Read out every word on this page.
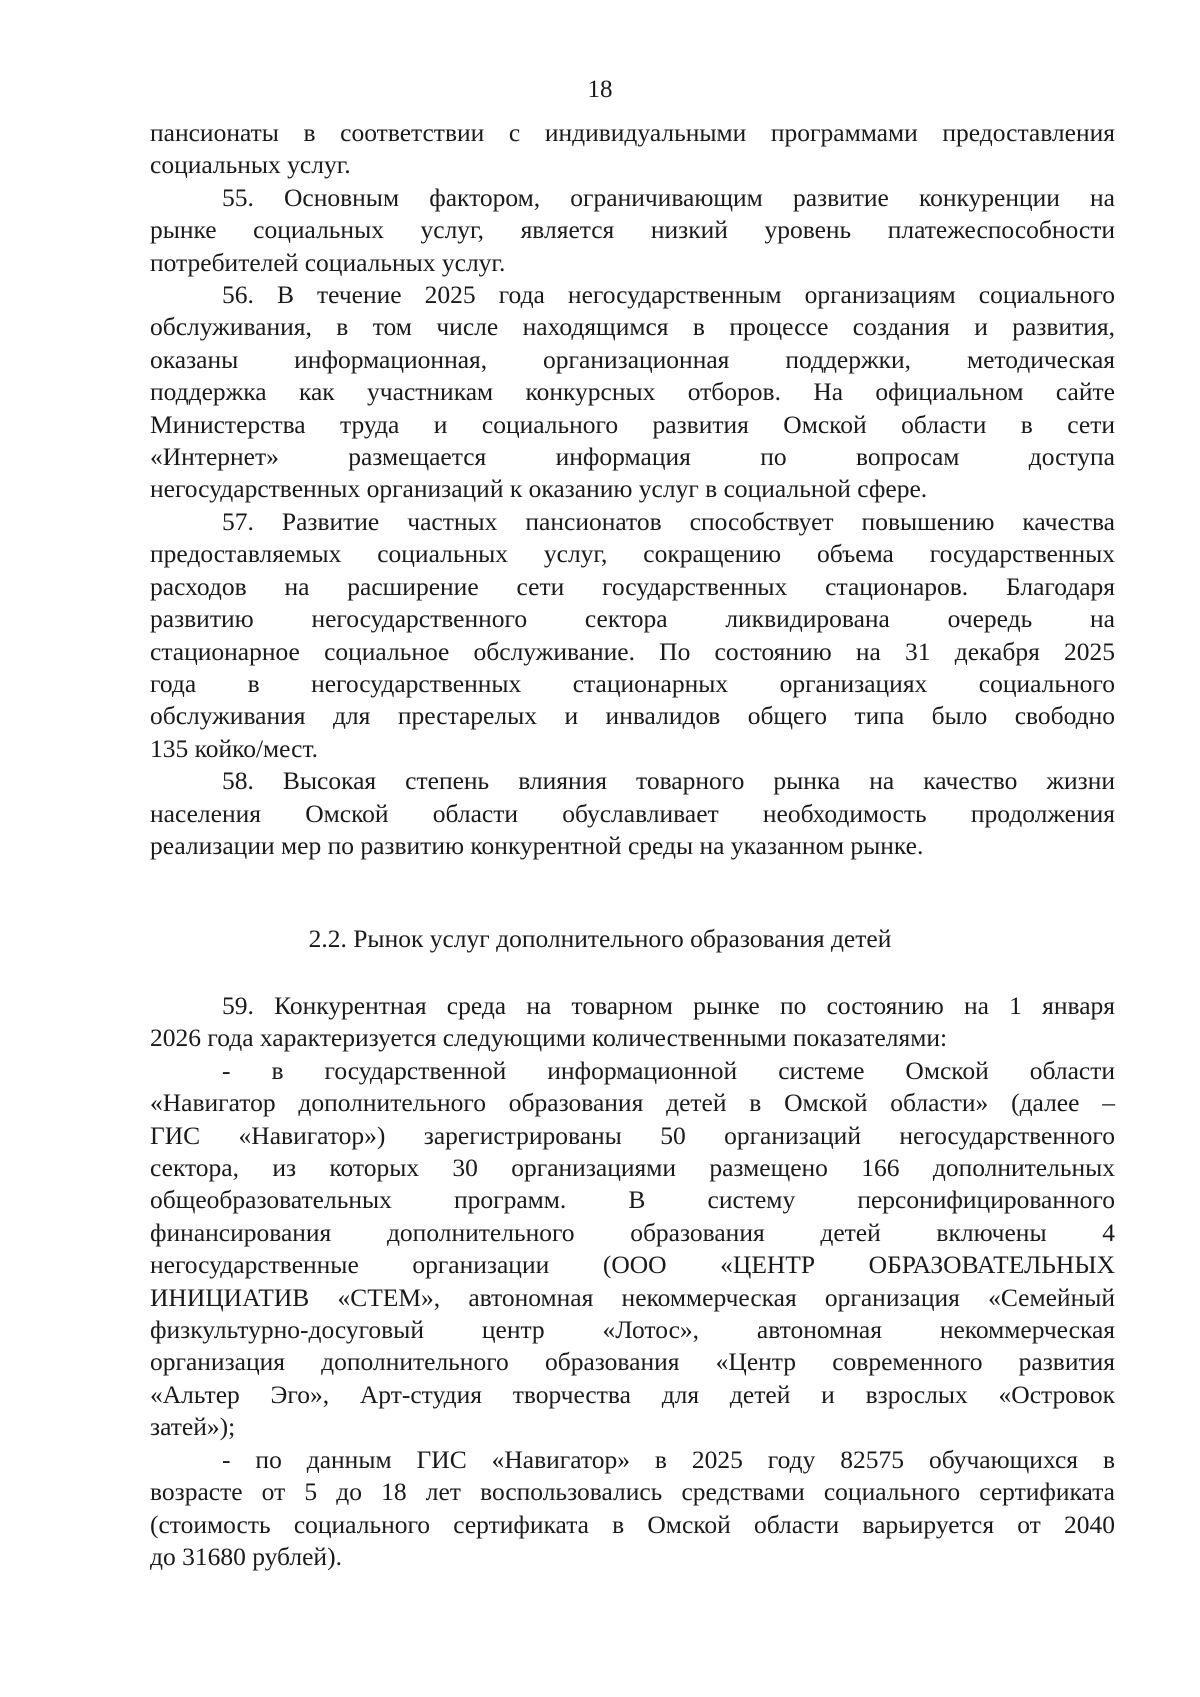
18
пансионаты в соответствии с индивидуальными программами предоставления
социальных услуг.
55. Основным фактором, ограничивающим развитие конкуренции на
рынке социальных услуг, является низкий уровень платежеспособности
потребителей социальных услуг.
56. В течение 2025 года негосударственным организациям социального
обслуживания, в том числе находящимся в процессе создания и развития,
оказаны информационная, организационная поддержки, методическая
поддержка как участникам конкурсных отборов. На официальном сайте
Министерства труда и социального развития Омской области в сети
«Интернет» размещается информация по вопросам доступа
негосударственных организаций к оказанию услуг в социальной сфере.
57. Развитие частных пансионатов способствует повышению качества
предоставляемых социальных услуг, сокращению объема государственных
расходов на расширение сети государственных стационаров. Благодаря
развитию негосударственного сектора ликвидирована очередь на
стационарное социальное обслуживание. По состоянию на 31 декабря 2025
года в негосударственных стационарных организациях социального
обслуживания для престарелых и инвалидов общего типа было свободно
135 койко/мест.
58. Высокая степень влияния товарного рынка на качество жизни
населения Омской области обуславливает необходимость продолжения
реализации мер по развитию конкурентной среды на указанном рынке.
2.2. Рынок услуг дополнительного образования детей
59. Конкурентная среда на товарном рынке по состоянию на 1 января
2026 года характеризуется следующими количественными показателями:
- в государственной информационной системе Омской области
«Навигатор дополнительного образования детей в Омской области» (далее –
ГИС «Навигатор») зарегистрированы 50 организаций негосударственного
сектора, из которых 30 организациями размещено 166 дополнительных
общеобразовательных программ. В систему персонифицированного
финансирования дополнительного образования детей включены 4
негосударственные организации (ООО «ЦЕНТР ОБРАЗОВАТЕЛЬНЫХ
ИНИЦИАТИВ «СТЕМ», автономная некоммерческая организация «Семейный
физкультурно-досуговый центр «Лотос», автономная некоммерческая
организация дополнительного образования «Центр современного развития
«Альтер Эго», Арт-студия творчества для детей и взрослых «Островок
затей»);
- по данным ГИС «Навигатор» в 2025 году 82575 обучающихся в
возрасте от 5 до 18 лет воспользовались средствами социального сертификата
(стоимость социального сертификата в Омской области варьируется от 2040
до 31680 рублей).
